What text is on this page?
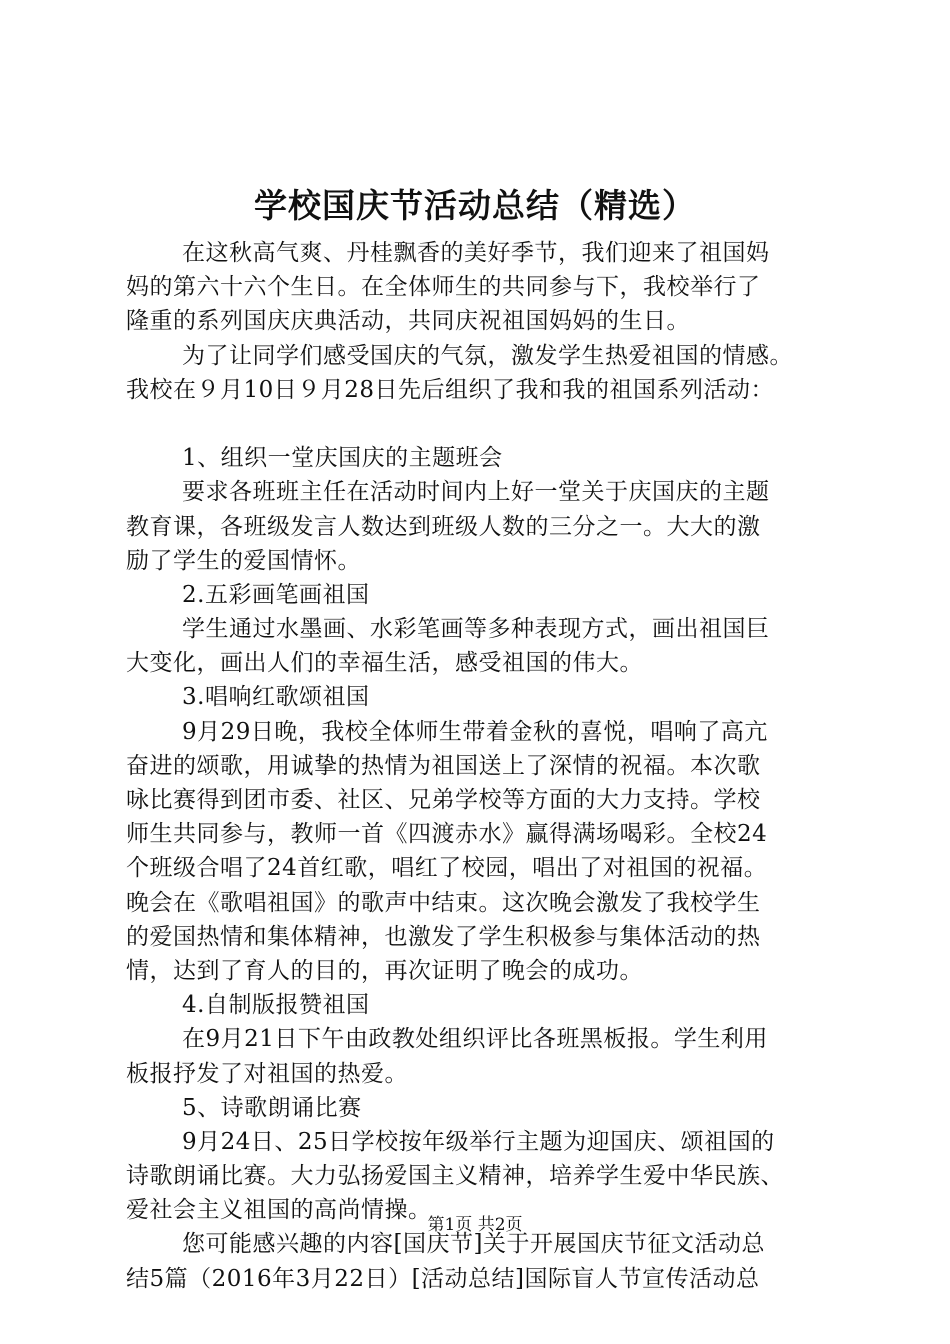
学校国庆节活动总结（精选）
在这秋高气爽、丹桂飘香的美好季节，我们迎来了祖国妈
妈的第六十六个生日。在全体师生的共同参与下，我校举行了
隆重的系列国庆庆典活动，共同庆祝祖国妈妈的生日。
为了让同学们感受国庆的气氛，激发学生热爱祖国的情感。
我校在９月10日９月28日先后组织了我和我的祖国系列活动：
1、组织一堂庆国庆的主题班会
要求各班班主任在活动时间内上好一堂关于庆国庆的主题
教育课，各班级发言人数达到班级人数的三分之一。大大的激
励了学生的爱国情怀。
2.五彩画笔画祖国
学生通过水墨画、水彩笔画等多种表现方式，画出祖国巨
大变化，画出人们的幸福生活，感受祖国的伟大。
3.唱响红歌颂祖国
9月29日晚，我校全体师生带着金秋的喜悦，唱响了高亢
奋进的颂歌，用诚挚的热情为祖国送上了深情的祝福。本次歌
咏比赛得到团市委、社区、兄弟学校等方面的大力支持。学校
师生共同参与，教师一首《四渡赤水》赢得满场喝彩。全校24
个班级合唱了24首红歌，唱红了校园，唱出了对祖国的祝福。
晚会在《歌唱祖国》的歌声中结束。这次晚会激发了我校学生
的爱国热情和集体精神，也激发了学生积极参与集体活动的热
情，达到了育人的目的，再次证明了晚会的成功。
4.自制版报赞祖国
在9月21日下午由政教处组织评比各班黑板报。学生利用
板报抒发了对祖国的热爱。
5、诗歌朗诵比赛
9月24日、25日学校按年级举行主题为迎国庆、颂祖国的
诗歌朗诵比赛。大力弘扬爱国主义精神，培养学生爱中华民族、
爱社会主义祖国的高尚情操。
您可能感兴趣的内容[国庆节]关于开展国庆节征文活动总
结5篇（2016年3月22日）[活动总结]国际盲人节宣传活动总
第1页 共2页
